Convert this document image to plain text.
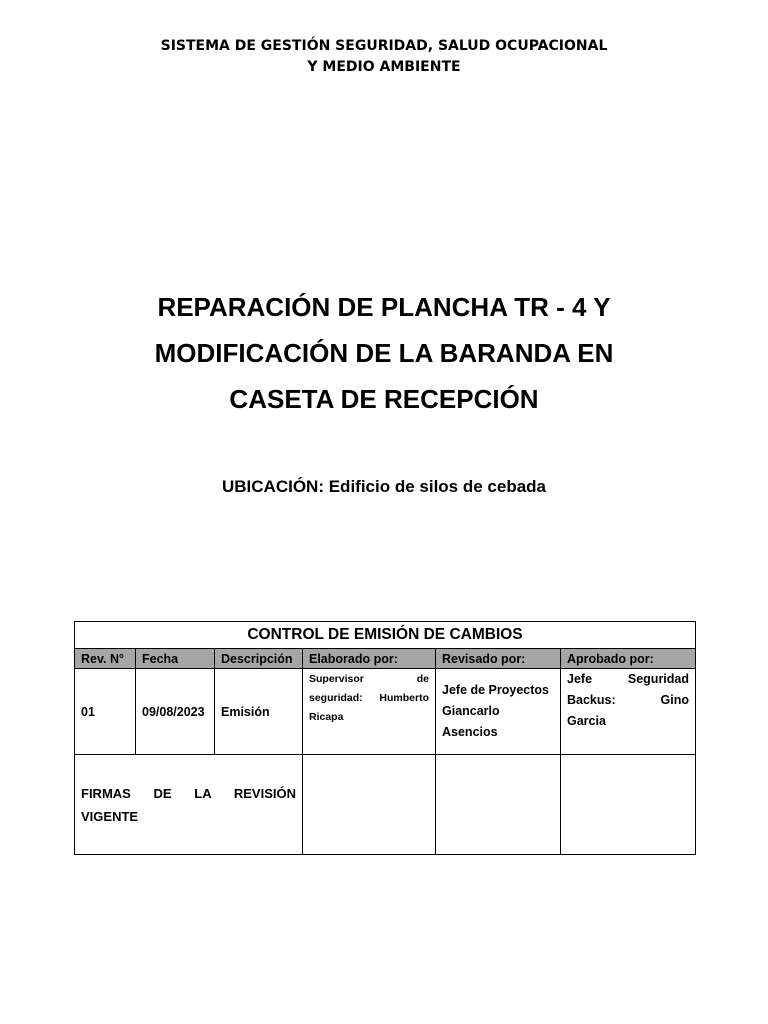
SISTEMA DE GESTIÓN SEGURIDAD, SALUD OCUPACIONAL
Y MEDIO AMBIENTE
REPARACIÓN DE PLANCHA TR - 4 Y
MODIFICACIÓN DE LA BARANDA EN
CASETA DE RECEPCIÓN
UBICACIÓN: Edificio de silos de cebada
CONTROL DE EMISIÓN DE CAMBIOS					
Rev. N°	Fecha	Descripción	Elaborado por:	Revisado por:	Aprobado por:
01	09/08/2023	Emisión	Supervisor de seguridad: Humberto Ricapa	Jefe de Proyectos Giancarlo Asencios	Jefe Seguridad Backus: Gino Garcia
FIRMAS DE LA REVISIÓN VIGENTE					
